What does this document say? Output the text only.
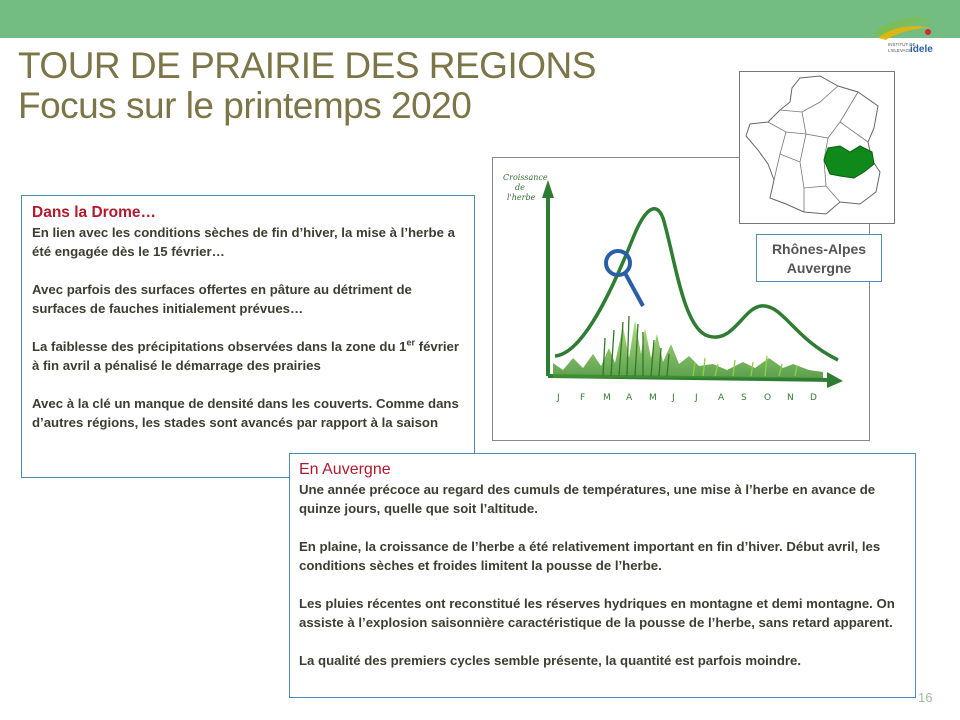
INSTITUT DE
L'ELEVAGE
idele
TOUR DE PRAIRIE DES REGIONS
Focus sur le printemps 2020
Dans la Drome…
En lien avec les conditions sèches de fin d’hiver, la mise à l’herbe a été engagée dès le 15 février…
Avec parfois des surfaces offertes en pâture au détriment de surfaces de fauches initialement prévues…
La faiblesse des précipitations observées dans la zone du 1er février à fin avril a pénalisé le démarrage des prairies
Avec à la clé un manque de densité dans les couverts. Comme dans d’autres régions, les stades sont avancés par rapport à la saison
Croissance
de
l'herbe
J F M A M J J A S O N D
Rhônes-Alpes
Auvergne
En Auvergne
Une année précoce au regard des cumuls de températures, une mise à l’herbe en avance de quinze jours, quelle que soit l’altitude.
En plaine, la croissance de l’herbe a été relativement important en fin d’hiver. Début avril, les conditions sèches et froides limitent la pousse de l’herbe.
Les pluies récentes ont reconstitué les réserves hydriques en montagne et demi montagne. On assiste à l’explosion saisonnière caractéristique de la pousse de l’herbe, sans retard apparent.
La qualité des premiers cycles semble présente, la quantité est parfois moindre.
16
